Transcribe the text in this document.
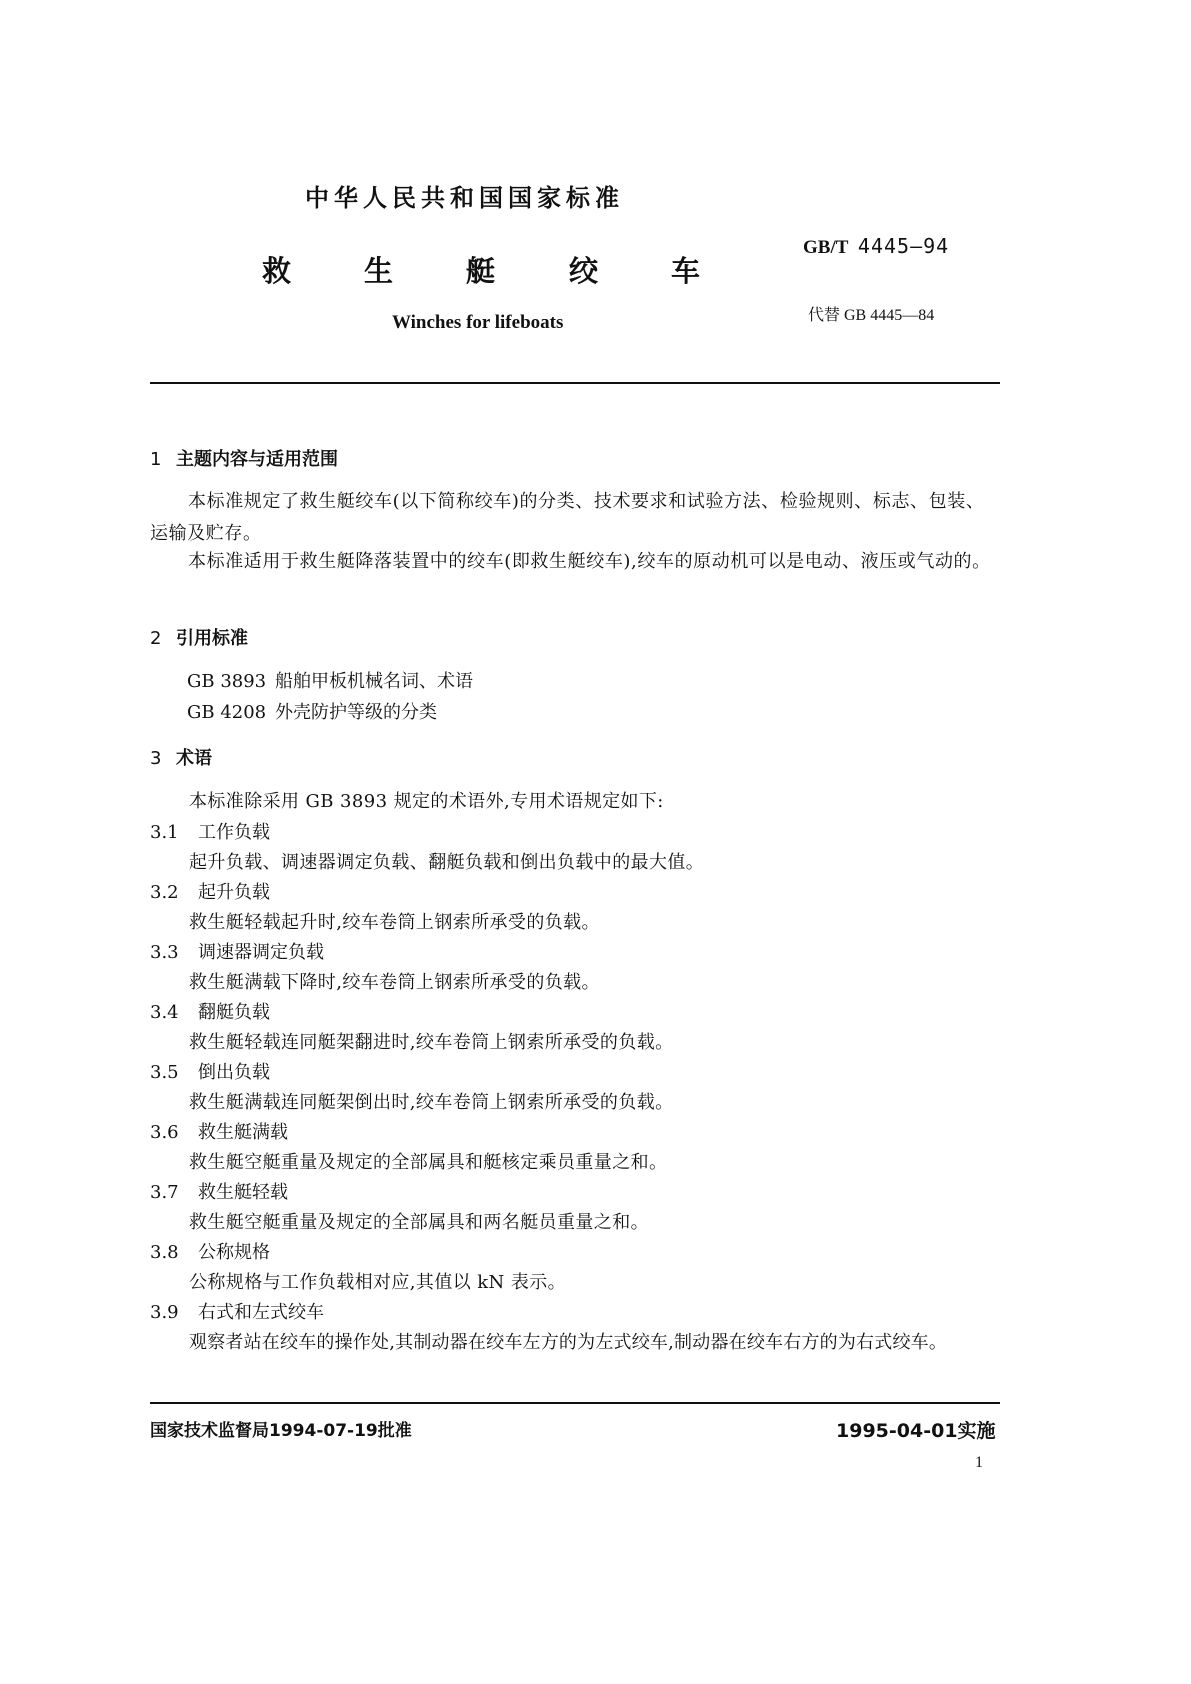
中华人民共和国国家标准
救	生	艇	绞	车
Winches for lifeboats
GB/T 4445—94
代替 GB 4445—84
1 主题内容与适用范围
本标准规定了救生艇绞车(以下简称绞车)的分类、技术要求和试验方法、检验规则、标志、包装、运输及贮存。
本标准适用于救生艇降落装置中的绞车(即救生艇绞车),绞车的原动机可以是电动、液压或气动的。
2 引用标准
GB 3893 船舶甲板机械名词、术语
GB 4208 外壳防护等级的分类
3 术语
本标准除采用 GB 3893 规定的术语外,专用术语规定如下:
3.1 工作负载
起升负载、调速器调定负载、翻艇负载和倒出负载中的最大值。
3.2 起升负载
救生艇轻载起升时,绞车卷筒上钢索所承受的负载。
3.3 调速器调定负载
救生艇满载下降时,绞车卷筒上钢索所承受的负载。
3.4 翻艇负载
救生艇轻载连同艇架翻进时,绞车卷筒上钢索所承受的负载。
3.5 倒出负载
救生艇满载连同艇架倒出时,绞车卷筒上钢索所承受的负载。
3.6 救生艇满载
救生艇空艇重量及规定的全部属具和艇核定乘员重量之和。
3.7 救生艇轻载
救生艇空艇重量及规定的全部属具和两名艇员重量之和。
3.8 公称规格
公称规格与工作负载相对应,其值以 kN 表示。
3.9 右式和左式绞车
观察者站在绞车的操作处,其制动器在绞车左方的为左式绞车,制动器在绞车右方的为右式绞车。
国家技术监督局1994-07-19批准	1995-04-01实施
1
